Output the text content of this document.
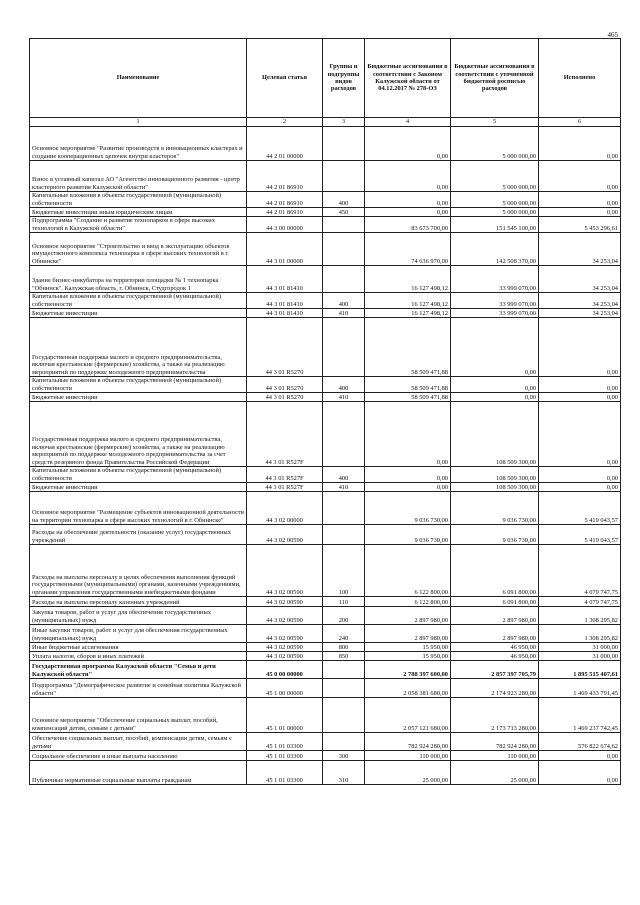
465
Наименование	Целевая статья	Группы и подгруппы видов расходов	Бюджетные ассигнования в соответствии с Законом Калужской области от 04.12.2017 № 278-ОЗ	Бюджетные ассигнования в соответствии с уточненной бюджетной росписью расходов	Исполнено
1	2	3	4	5	6
Основное мероприятие "Развитие производств в инновационных кластерах и создание кооперационных цепочек внутри кластеров"	44 2 01 00000		0,00	5 000 000,00	0,00
Взнос в уставный капитал АО "Агентство инновационного развития - центр кластерного развития Калужской области"	44 2 01 86910		0,00	5 000 000,00	0,00
Капитальные вложения в объекты государственной (муниципальной) собственности	44 2 01 86910	400	0,00	5 000 000,00	0,00
Бюджетные инвестиции иным юридическим лицам	44 2 01 86910	450	0,00	5 000 000,00	0,00
Подпрограмма "Создание и развитие технопарков в сфере высоких технологий в Калужской области"	44 3 00 00000		83 673 700,00	151 545 100,00	5 453 296,61
Основное мероприятие "Строительство и ввод в эксплуатацию объектов имущественного комплекса технопарка в сфере высоких технологий в г. Обнинске"	44 3 01 00000		74 636 970,00	142 508 370,00	34 253,04
Здание бизнес-инкубатора на территории площадки № 1 технопарка "Обнинск". Калужская область, г. Обнинск, Студгородок 1	44 3 01 81410		16 127 498,12	33 999 070,00	34 253,04
Капитальные вложения в объекты государственной (муниципальной) собственности	44 3 01 81410	400	16 127 498,12	33 999 070,00	34 253,04
Бюджетные инвестиции	44 3 01 81410	410	16 127 498,12	33 999 070,00	34 253,04
Государственная поддержка малого и среднего предпринимательства, включая крестьянские (фермерские) хозяйства, а также на реализацию мероприятий по поддержке молодежного предпринимательства	44 3 01 R5270		58 509 471,88	0,00	0,00
Капитальные вложения в объекты государственной (муниципальной) собственности	44 3 01 R5270	400	58 509 471,88	0,00	0,00
Бюджетные инвестиции	44 3 01 R5270	410	58 509 471,88	0,00	0,00
Государственная поддержка малого и среднего предпринимательства, включая крестьянские (фермерские) хозяйства, а также на реализацию мероприятий по поддержке молодежного предпринимательства за счет средств резервного фонда Правительства Российской Федерации	44 3 01 R527F		0,00	108 509 300,00	0,00
Капитальные вложения в объекты государственной (муниципальной) собственности	44 3 01 R527F	400	0,00	108 509 300,00	0,00
Бюджетные инвестиции	44 3 01 R527F	410	0,00	108 509 300,00	0,00
Основное мероприятие "Размещение субъектов инновационной деятельности на территории технопарка в сфере высоких технологий в г. Обнинске"	44 3 02 00000		9 036 730,00	9 036 730,00	5 419 043,57
Расходы на обеспечение деятельности (оказание услуг) государственных учреждений	44 3 02 00590		9 036 730,00	9 036 730,00	5 419 043,57
Расходы на выплаты персоналу в целях обеспечения выполнения функций государственными (муниципальными) органами, казенными учреждениями, органами управления государственными внебюджетными фондами	44 3 02 00590	100	6 122 800,00	6 091 800,00	4 079 747,75
Расходы на выплаты персоналу казенных учреждений	44 3 02 00590	110	6 122 800,00	6 091 800,00	4 079 747,75
Закупка товаров, работ и услуг для обеспечения государственных (муниципальных) нужд	44 3 02 00590	200	2 897 980,00	2 897 980,00	1 308 295,82
Иные закупки товаров, работ и услуг для обеспечения государственных (муниципальных) нужд	44 3 02 00590	240	2 897 980,00	2 897 980,00	1 308 295,82
Иные бюджетные ассигнования	44 3 02 00590	800	15 950,00	46 950,00	31 000,00
Уплата налогов, сборов и иных платежей	44 3 02 00590	850	15 950,00	46 950,00	31 000,00
Государственная программа Калужской области "Семья и дети Калужской области"	45 0 00 00000		2 788 397 600,00	2 857 397 705,79	1 895 515 407,61
Подпрограмма "Демографическое развитие и семейная политика Калужской области"	45 1 00 00000		2 058 381 680,00	2 174 923 280,00	1 469 433 791,45
Основное мероприятие "Обеспечение социальных выплат, пособий, компенсаций детям, семьям с детьми"	45 1 01 00000		2 057 121 680,00	2 173 713 280,00	1 469 237 742,45
Обеспечение социальных выплат, пособий, компенсации детям, семьям с детьми	45 1 01 03300		782 924 280,00	782 924 280,00	576 822 674,62
Социальное обеспечение и иные выплаты населению	45 1 01 03300	300	110 000,00	110 000,00	0,00
Публичные нормативные социальные выплаты гражданам	45 1 01 03300	310	25 000,00	25 000,00	0,00
